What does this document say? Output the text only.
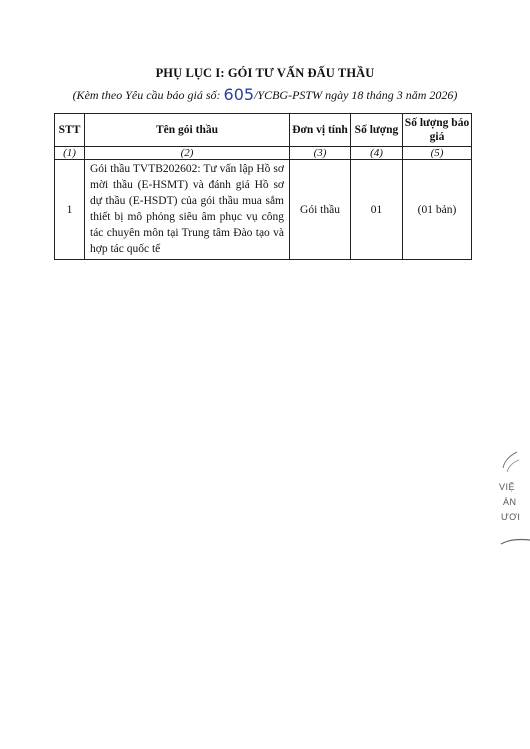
PHỤ LỤC I: GÓI TƯ VẤN ĐẤU THẦU
(Kèm theo Yêu cầu báo giá số: 605/YCBG-PSTW ngày 18 tháng 3 năm 2026)
STT	Tên gói thầu	Đơn vị tính	Số lượng	Số lượng báo giá
(1)	(2)	(3)	(4)	(5)
1	Gói thầu TVTB202602: Tư vấn lập Hồ sơ mời thầu (E-HSMT) và đánh giá Hồ sơ dự thầu (E-HSDT) của gói thầu mua sắm thiết bị mô phỏng siêu âm phục vụ công tác chuyên môn tại Trung tâm Đào tạo và hợp tác quốc tế	Gói thầu	01	(01 bản)
VIỆ
ÀN
ƯƠI
